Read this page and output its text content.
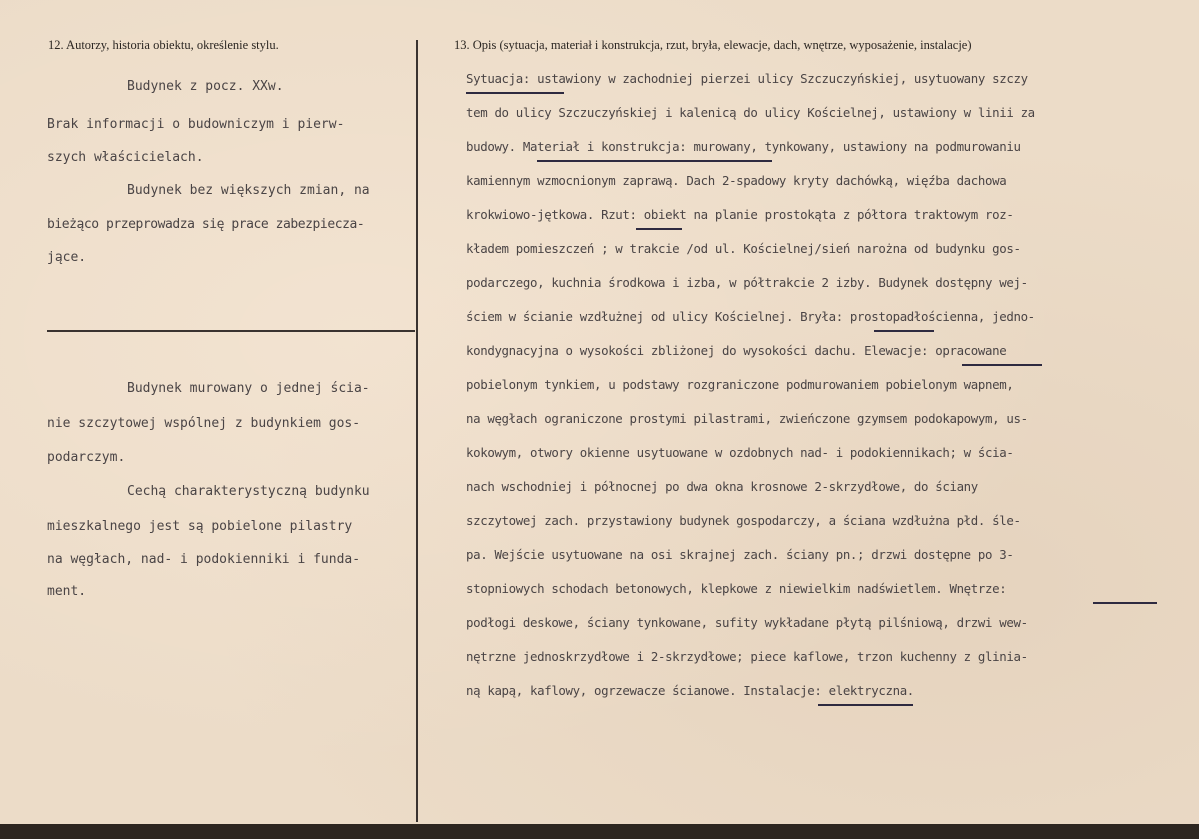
12. Autorzy, historia obiektu, określenie stylu.
Budynek z pocz. XXw.
Brak informacji o budowniczym i pierw-
szych właścicielach.
Budynek bez większych zmian, na
bieżąco przeprowadza się prace zabezpiecza-
jące.
Budynek murowany o jednej ścia-
nie szczytowej wspólnej z budynkiem gos-
podarczym.
Cechą charakterystyczną budynku
mieszkalnego jest są pobielone pilastry
na węgłach, nad- i podokienniki i funda-
ment.
13. Opis (sytuacja, materiał i konstrukcja, rzut, bryła, elewacje, dach, wnętrze, wyposażenie, instalacje)
Sytuacja: ustawiony w zachodniej pierzei ulicy Szczuczyńskiej, usytuowany szczy
tem do ulicy Szczuczyńskiej i kalenicą do ulicy Kościelnej, ustawiony w linii za
budowy. Materiał i konstrukcja: murowany, tynkowany, ustawiony na podmurowaniu
kamiennym wzmocnionym zaprawą. Dach 2-spadowy kryty dachówką, więźba dachowa
krokwiowo-jętkowa. Rzut: obiekt na planie prostokąta z półtora traktowym roz-
kładem pomieszczeń ; w trakcie /od ul. Kościelnej/sień narożna od budynku gos-
podarczego, kuchnia środkowa i izba, w półtrakcie 2 izby. Budynek dostępny wej-
ściem w ścianie wzdłużnej od ulicy Kościelnej. Bryła: prostopadłościenna, jedno-
kondygnacyjna o wysokości zbliżonej do wysokości dachu. Elewacje: opracowane
pobielonym tynkiem, u podstawy rozgraniczone podmurowaniem pobielonym wapnem,
na węgłach ograniczone prostymi pilastrami, zwieńczone gzymsem podokapowym, us-
kokowym, otwory okienne usytuowane w ozdobnych nad- i podokiennikach; w ścia-
nach wschodniej i północnej po dwa okna krosnowe 2-skrzydłowe, do ściany
szczytowej zach. przystawiony budynek gospodarczy, a ściana wzdłużna płd. śle-
pa. Wejście usytuowane na osi skrajnej zach. ściany pn.; drzwi dostępne po 3-
stopniowych schodach betonowych, klepkowe z niewielkim nadświetlem. Wnętrze:
podłogi deskowe, ściany tynkowane, sufity wykładane płytą pilśniową, drzwi wew-
nętrzne jednoskrzydłowe i 2-skrzydłowe; piece kaflowe, trzon kuchenny z glinia-
ną kapą, kaflowy, ogrzewacze ścianowe. Instalacje: elektryczna.
